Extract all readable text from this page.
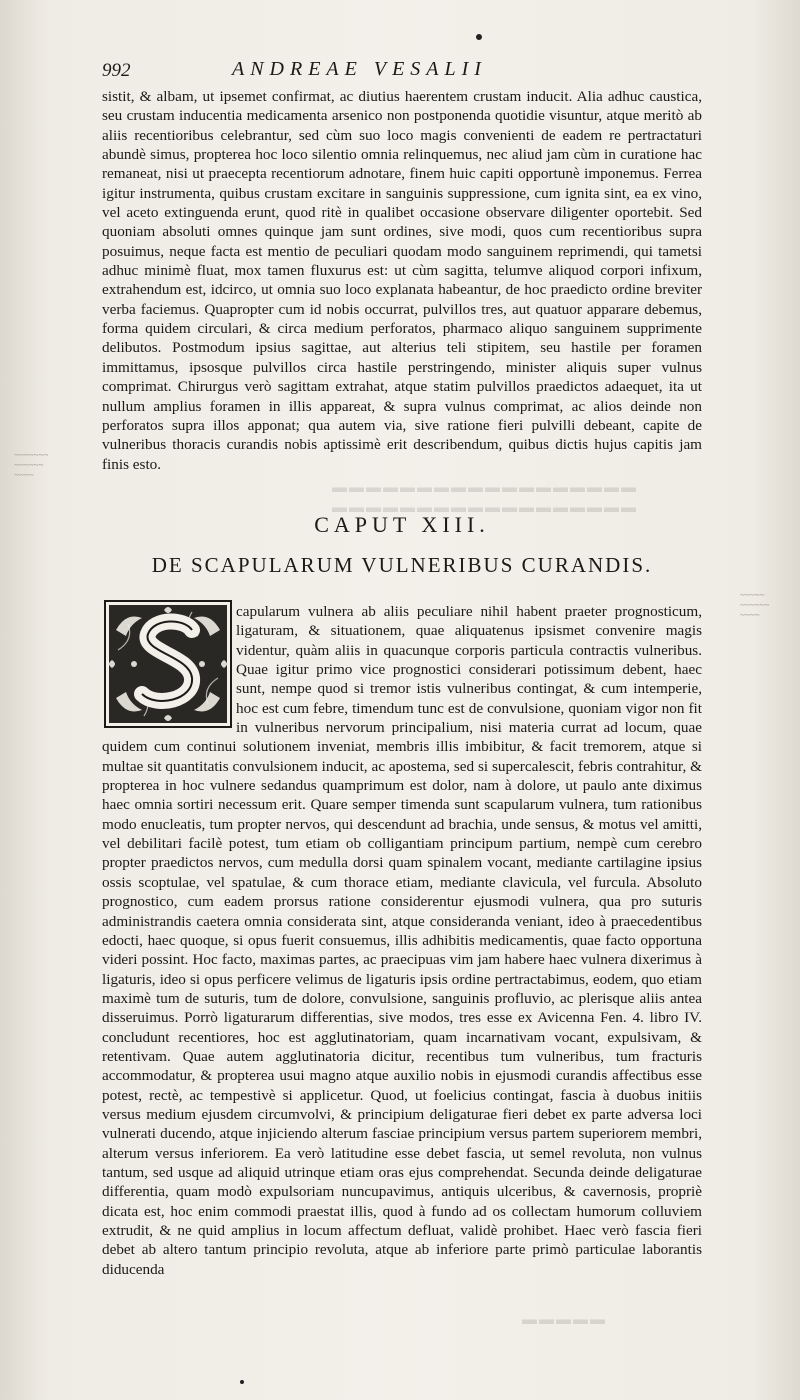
▬▬▬▬▬▬▬▬▬▬▬▬▬▬▬▬▬▬
▬▬▬▬▬▬▬▬▬▬▬▬▬▬▬▬▬▬
▬▬▬▬▬
~~~~~~~
~~~~~~
~~~~
~~~~~
~~~~~~
~~~~
992	ANDREAE VESALII
sistit, & albam, ut ipsemet confirmat, ac diutius haerentem crustam inducit. Alia adhuc caustica, seu crustam inducentia medicamenta arsenico non postponenda quotidie visuntur, atque meritò ab aliis recentioribus celebrantur, sed cùm suo loco magis convenienti de eadem re pertractaturi abundè simus, propterea hoc loco silentio omnia relinquemus, nec aliud jam cùm in curatione hac remaneat, nisi ut praecepta recentiorum adnotare, finem huic capiti opportunè imponemus. Ferrea igitur instrumenta, quibus crustam excitare in sanguinis suppressione, cum ignita sint, ea ex vino, vel aceto extinguenda erunt, quod ritè in qualibet occasione observare diligenter oportebit. Sed quoniam absoluti omnes quinque jam sunt ordines, sive modi, quos cum recentioribus supra posuimus, neque facta est mentio de peculiari quodam modo sanguinem reprimendi, qui tametsi adhuc minimè fluat, mox tamen fluxurus est: ut cùm sagitta, telumve aliquod corpori infixum, extrahendum est, idcirco, ut omnia suo loco explanata habeantur, de hoc praedicto ordine breviter verba faciemus. Quapropter cum id nobis occurrat, pulvillos tres, aut quatuor apparare debemus, forma quidem circulari, & circa medium perforatos, pharmaco aliquo sanguinem supprimente delibutos. Postmodum ipsius sagittae, aut alterius teli stipitem, seu hastile per foramen immittamus, ipsosque pulvillos circa hastile perstringendo, minister aliquis super vulnus comprimat. Chirurgus verò sagittam extrahat, atque statim pulvillos praedictos adaequet, ita ut nullum amplius foramen in illis appareat, & supra vulnus comprimat, ac alios deinde non perforatos supra illos apponat; qua autem via, sive ratione fieri pulvilli debeant, capite de vulneribus thoracis curandis nobis aptissimè erit describendum, quibus dictis hujus capitis jam finis esto.
CAPUT XIII.
DE SCAPULARUM VULNERIBUS CURANDIS.
capularum vulnera ab aliis peculiare nihil habent praeter prognosticum, ligaturam, & situationem, quae aliquatenus ipsismet convenire magis videntur, quàm aliis in quacunque corporis particula contractis vulneribus. Quae igitur primo vice prognostici considerari potissimum debent, haec sunt, nempe quod si tremor istis vulneribus contingat, & cum intemperie, hoc est cum febre, timendum tunc est de convulsione, quoniam vigor non fit in vulneribus nervorum principalium, nisi materia currat ad locum, quae quidem cum continui solutionem inveniat, membris illis imbibitur, & facit tremorem, atque si multae sit quantitatis convulsionem inducit, ac apostema, sed si supercalescit, febris contrahitur, & propterea in hoc vulnere sedandus quamprimum est dolor, nam à dolore, ut paulo ante diximus haec omnia sortiri necessum erit. Quare semper timenda sunt scapularum vulnera, tum rationibus modo enucleatis, tum propter nervos, qui descendunt ad brachia, unde sensus, & motus vel amitti, vel debilitari facilè potest, tum etiam ob colligantiam principum partium, nempè cum cerebro propter praedictos nervos, cum medulla dorsi quam spinalem vocant, mediante cartilagine ipsius ossis scoptulae, vel spatulae, & cum thorace etiam, mediante clavicula, vel furcula. Absoluto prognostico, cum eadem prorsus ratione considerentur ejusmodi vulnera, qua pro suturis administrandis caetera omnia considerata sint, atque consideranda veniant, ideo à praecedentibus edocti, haec quoque, si opus fuerit consuemus, illis adhibitis medicamentis, quae facto opportuna videri possint. Hoc facto, maximas partes, ac praecipuas vim jam habere haec vulnera dixerimus à ligaturis, ideo si opus perficere velimus de ligaturis ipsis ordine pertractabimus, eodem, quo etiam maximè tum de suturis, tum de dolore, convulsione, sanguinis profluvio, ac plerisque aliis antea disseruimus. Porrò ligaturarum differentias, sive modos, tres esse ex Avicenna Fen. 4. libro IV. concludunt recentiores, hoc est agglutinatoriam, quam incarnativam vocant, expulsivam, & retentivam. Quae autem agglutinatoria dicitur, recentibus tum vulneribus, tum fracturis accommodatur, & propterea usui magno atque auxilio nobis in ejusmodi curandis affectibus esse potest, rectè, ac tempestivè si applicetur. Quod, ut foelicius contingat, fascia à duobus initiis versus medium ejusdem circumvolvi, & principium deligaturae fieri debet ex parte adversa loci vulnerati ducendo, atque injiciendo alterum fasciae principium versus partem superiorem membri, alterum versus inferiorem. Ea verò latitudine esse debet fascia, ut semel revoluta, non vulnus tantum, sed usque ad aliquid utrinque etiam oras ejus comprehendat. Secunda deinde deligaturae differentia, quam modò expulsoriam nuncupavimus, antiquis ulceribus, & cavernosis, propriè dicata est, hoc enim commodi praestat illis, quod à fundo ad os collectam humorum colluviem extrudit, & ne quid amplius in locum affectum defluat, validè prohibet. Haec verò fascia fieri debet ab altero tantum principio revoluta, atque ab inferiore parte primò particulae laborantis diducenda
